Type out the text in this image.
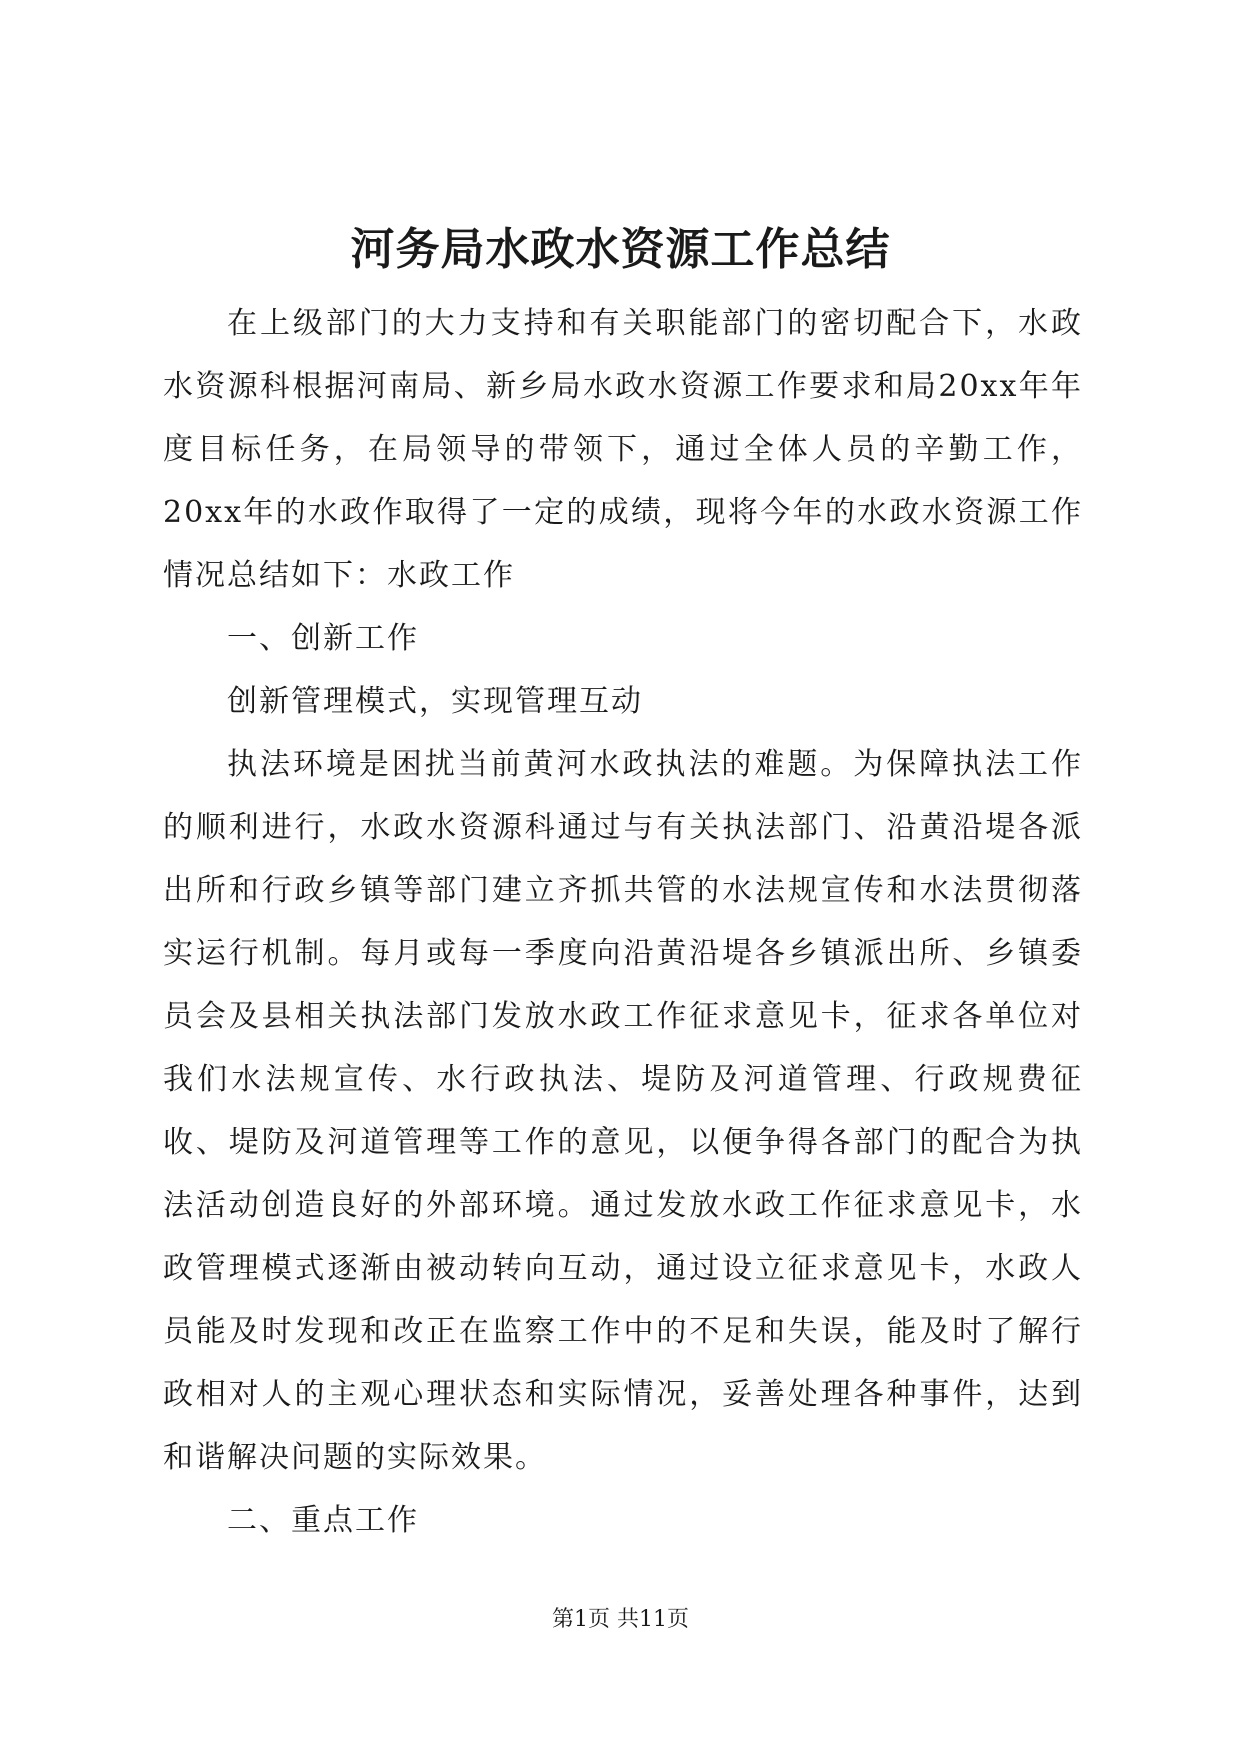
河务局水政水资源工作总结

在上级部门的大力支持和有关职能部门的密切配合下，水政水资源科根据河南局、新乡局水政水资源工作要求和局20xx年年度目标任务，在局领导的带领下，通过全体人员的辛勤工作，20xx年的水政作取得了一定的成绩，现将今年的水政水资源工作情况总结如下：水政工作

一、创新工作

创新管理模式，实现管理互动

执法环境是困扰当前黄河水政执法的难题。为保障执法工作的顺利进行，水政水资源科通过与有关执法部门、沿黄沿堤各派出所和行政乡镇等部门建立齐抓共管的水法规宣传和水法贯彻落实运行机制。每月或每一季度向沿黄沿堤各乡镇派出所、乡镇委员会及县相关执法部门发放水政工作征求意见卡，征求各单位对我们水法规宣传、水行政执法、堤防及河道管理、行政规费征收、堤防及河道管理等工作的意见，以便争得各部门的配合为执法活动创造良好的外部环境。通过发放水政工作征求意见卡，水政管理模式逐渐由被动转向互动，通过设立征求意见卡，水政人员能及时发现和改正在监察工作中的不足和失误，能及时了解行政相对人的主观心理状态和实际情况，妥善处理各种事件，达到和谐解决问题的实际效果。

二、重点工作

第1页 共11页
